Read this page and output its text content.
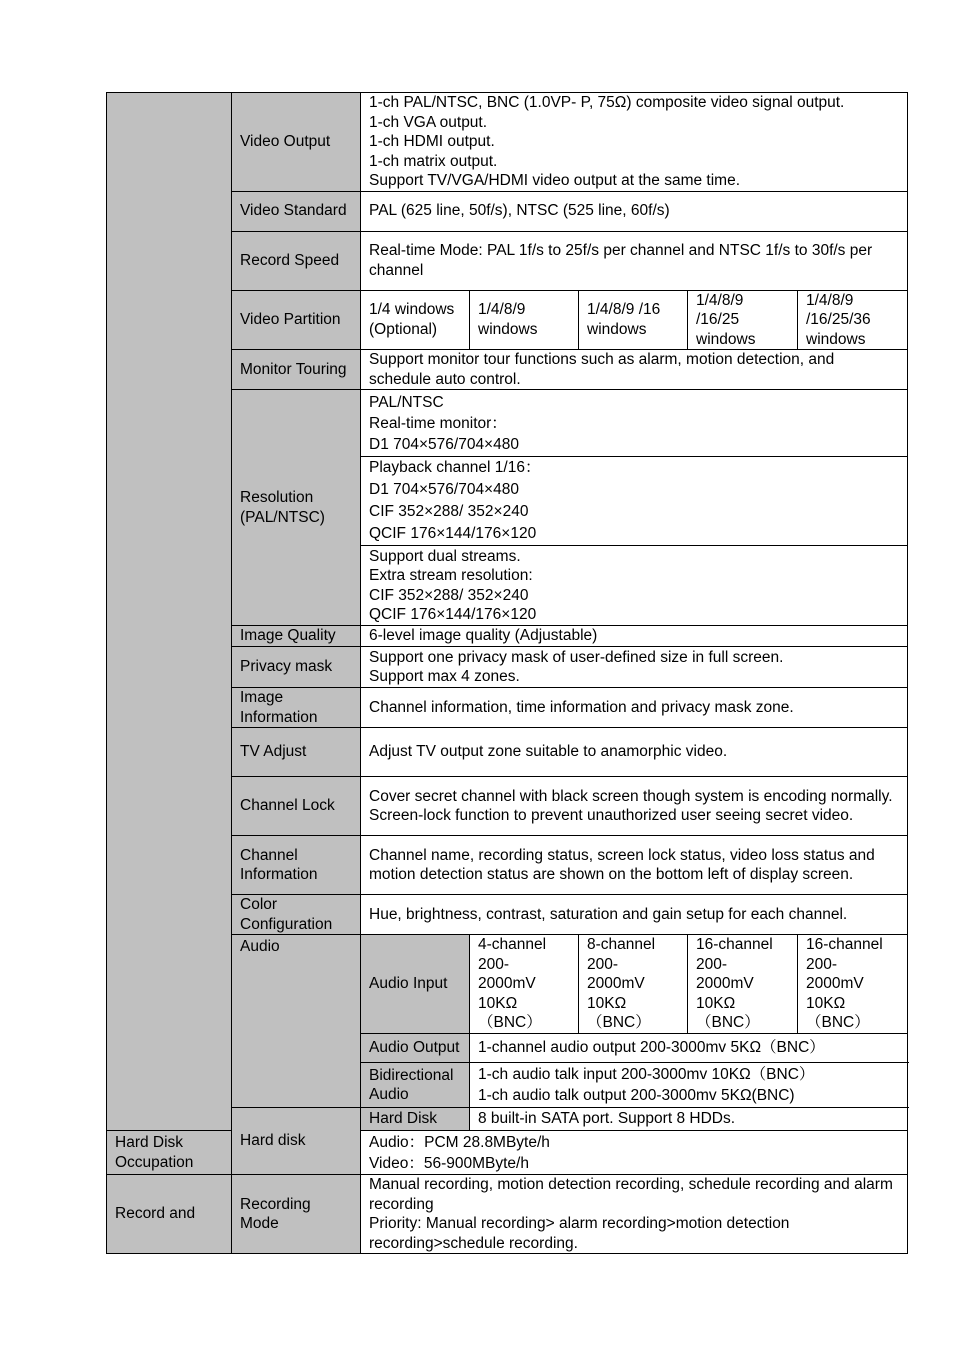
	Video Output	1-ch PAL/NTSC, BNC (1.0VP- P, 75Ω) composite video signal output.
1-ch VGA output.
1-ch HDMI output.
1-ch matrix output.
Support TV/VGA/HDMI video output at the same time.					

	Video Standard	PAL (625 line, 50f/s), NTSC (525 line, 60f/s)					
	Record Speed	Real-time Mode: PAL 1f/s to 25f/s per channel and NTSC 1f/s to 30f/s per channel					
	Video Partition	1/4 windows(Optional)	1/4/8/9 windows	1/4/8/9 /16 windows	1/4/8/9 /16/25 windows	1/4/8/9 /16/25/36 windows	
	Monitor Touring	Support monitor tour functions such as alarm, motion detection, and schedule auto control.					
	Resolution (PAL/NTSC)	PAL/NTSC
Real-time monitor：
D1 704×576/704×480					

		Playback channel 1/16：
D1 704×576/704×480
CIF 352×288/ 352×240
QCIF 176×144/176×120					

		Support dual streams.
Extra stream resolution:
CIF 352×288/ 352×240
QCIF 176×144/176×120					

	Image Quality	6-level image quality (Adjustable)					
	Privacy mask	Support one privacy mask of user-defined size in full screen.
Support max 4 zones.					

	Image Information	Channel information, time information and privacy mask zone.					
	TV Adjust	Adjust TV output zone suitable to anamorphic video.					
	Channel Lock	Cover secret channel with black screen though system is encoding normally.
Screen-lock function to prevent unauthorized user seeing secret video.					

	Channel Information	Channel name, recording status, screen lock status, video loss status and motion detection status are shown on the bottom left of display screen.					
	Color Configuration	Hue, brightness, contrast, saturation and gain setup for each channel.					
	Audio	Audio Input	4-channel
200-
2000mV
10KΩ
（BNC）	8-channel
200-
2000mV
10KΩ
（BNC）	16-channel
200-
2000mV
10KΩ
（BNC）	16-channel
200-
2000mV
10KΩ
（BNC）

		Audio Output	1-channel audio output 200-3000mv 5KΩ（BNC）				
		Bidirectional Audio	1-ch audio talk input 200-3000mv 10KΩ（BNC）
1-ch audio talk output 200-3000mv 5KΩ(BNC)				

	Hard disk	Hard Disk	8 built-in SATA port. Support 8 HDDs.				
Hard Disk Occupation		Audio：PCM 28.8MByte/h
Video：56-900MByte/h					

Record and	Recording Mode	Manual recording, motion detection recording, schedule recording and alarm recording
Priority: Manual recording> alarm recording>motion detection recording>schedule recording.					
